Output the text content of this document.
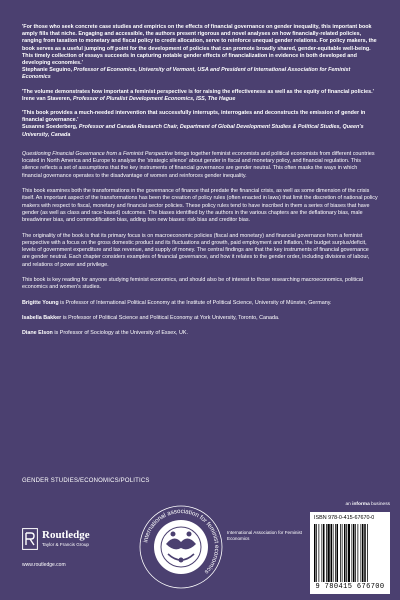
'For those who seek concrete case studies and empirics on the effects of financial governance on gender inequality, this important book amply fills that niche. Engaging and accessible, the authors present rigorous and novel analyses on how financially-related policies, ranging from taxation to monetary and fiscal policy to credit allocation, serve to reinforce unequal gender relations. For policy makers, the book serves as a useful jumping off point for the development of policies that can promote broadly shared, gender-equitable well-being. This timely collection of essays succeeds in capturing notable gender effects of financialization in evidence in both developed and developing economies.'
Stephanie Seguino, Professor of Economics, University of Vermont, USA and President of International Association for Feminist Economics
'The volume demonstrates how important a feminist perspective is for raising the effectiveness as well as the equity of financial policies.'
Irene van Staveren, Professor of Pluralist Development Economics, ISS, The Hague
'This book provides a much-needed intervention that successfully interrupts, interrogates and deconstructs the emission of gender in financial governance.'
Susanne Soederberg, Professor and Canada Research Chair, Department of Global Development Studies & Political Studies, Queen's University, Canada

Questioning Financial Governance from a Feminist Perspective brings together feminist economists and political economists from different countries located in North America and Europe to analyse the 'strategic silence' about gender in fiscal and monetary policy, and financial regulation. This silence reflects a set of assumptions that the key instruments of financial governance are gender neutral. This often masks the ways in which financial governance operates to the disadvantage of women and reinforces gender inequality.

This book examines both the transformations in the governance of finance that predate the financial crisis, as well as some dimension of the crisis itself. An important aspect of the transformations has been the creation of policy rules (often enacted in laws) that limit the discretion of national policy makers with respect to fiscal, monetary and financial sector policies. These policy rules tend to have inscribed in them a series of biases that have gender (as well as class and race-based) outcomes. The biases identified by the authors in the various chapters are the deflationary bias, male breadwinner bias, and commodification bias, adding two new biases: risk bias and creditor bias.

The originality of the book is that its primary focus is on macroeconomic policies (fiscal and monetary) and financial governance from a feminist perspective with a focus on the gross domestic product and its fluctuations and growth, paid employment and inflation, the budget surplus/deficit, levels of government expenditure and tax revenue, and supply of money. The central findings are that the key instruments of financial governance are gender neutral. Each chapter considers examples of financial governance, and how it relates to the gender order, including divisions of labour, and relations of power and privilege.

This book is key reading for anyone studying feminist economics, and should also be of interest to those researching macroeconomics, political economics and women's studies.

Brigitte Young is Professor of International Political Economy at the Institute of Political Science, University of Münster, Germany.

Isabella Bakker is Professor of Political Science and Political Economy at York University, Toronto, Canada.

Diane Elson is Professor of Sociology at the University of Essex, UK.

GENDER STUDIES/ECONOMICS/POLITICS
Routledge
Taylor & Francis Group
www.routledge.com
international association for feminist economics
International Association for Feminist Economics
an informa business
ISBN 978-0-415-67670-0
9 780415 676700
